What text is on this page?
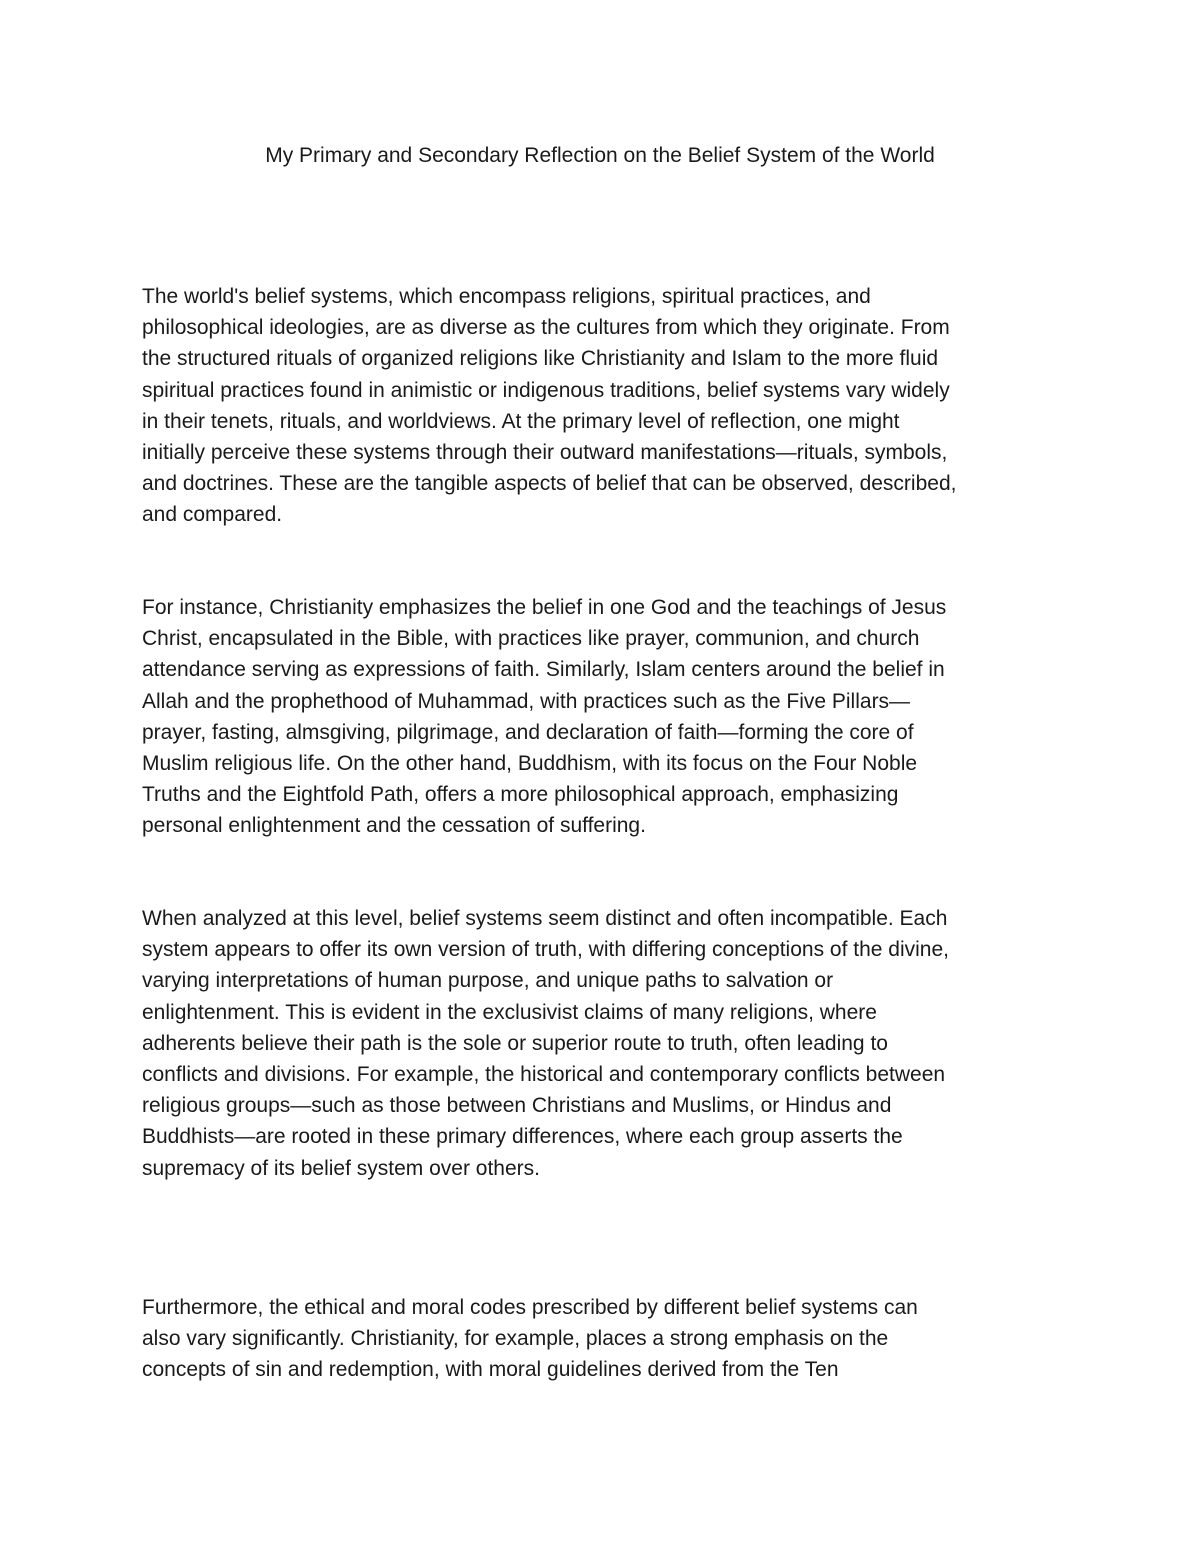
My Primary and Secondary Reflection on the Belief System of the World
The world's belief systems, which encompass religions, spiritual practices, and
philosophical ideologies, are as diverse as the cultures from which they originate. From
the structured rituals of organized religions like Christianity and Islam to the more fluid
spiritual practices found in animistic or indigenous traditions, belief systems vary widely
in their tenets, rituals, and worldviews. At the primary level of reflection, one might
initially perceive these systems through their outward manifestations—rituals, symbols,
and doctrines. These are the tangible aspects of belief that can be observed, described,
and compared.
For instance, Christianity emphasizes the belief in one God and the teachings of Jesus
Christ, encapsulated in the Bible, with practices like prayer, communion, and church
attendance serving as expressions of faith. Similarly, Islam centers around the belief in
Allah and the prophethood of Muhammad, with practices such as the Five Pillars—
prayer, fasting, almsgiving, pilgrimage, and declaration of faith—forming the core of
Muslim religious life. On the other hand, Buddhism, with its focus on the Four Noble
Truths and the Eightfold Path, offers a more philosophical approach, emphasizing
personal enlightenment and the cessation of suffering.
When analyzed at this level, belief systems seem distinct and often incompatible. Each
system appears to offer its own version of truth, with differing conceptions of the divine,
varying interpretations of human purpose, and unique paths to salvation or
enlightenment. This is evident in the exclusivist claims of many religions, where
adherents believe their path is the sole or superior route to truth, often leading to
conflicts and divisions. For example, the historical and contemporary conflicts between
religious groups—such as those between Christians and Muslims, or Hindus and
Buddhists—are rooted in these primary differences, where each group asserts the
supremacy of its belief system over others.
Furthermore, the ethical and moral codes prescribed by different belief systems can
also vary significantly. Christianity, for example, places a strong emphasis on the
concepts of sin and redemption, with moral guidelines derived from the Ten
